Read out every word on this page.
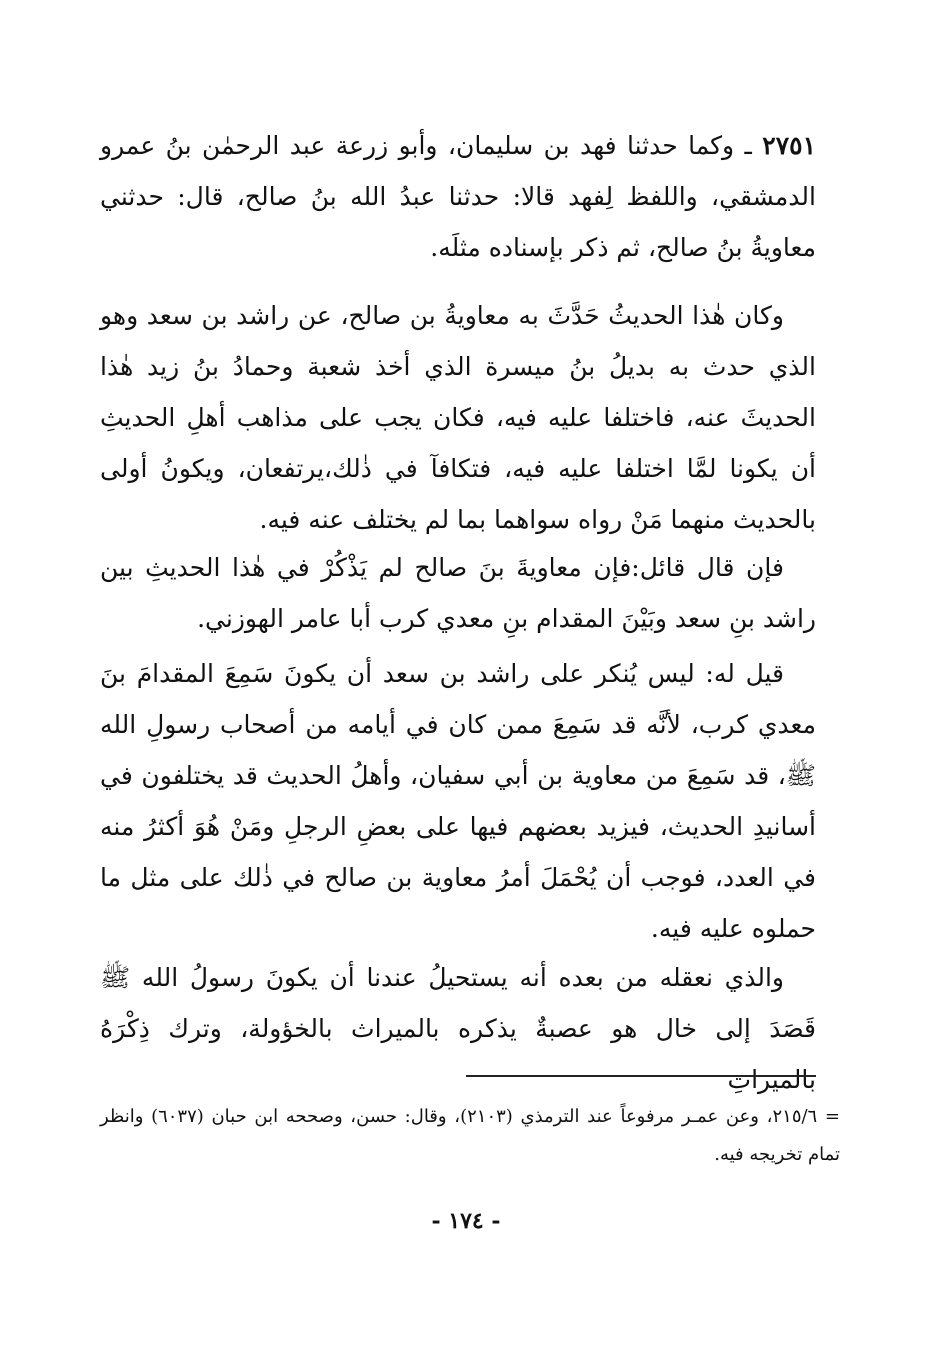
٢٧٥١ ـ وكما حدثنا فهد بن سليمان، وأبو زرعة عبد الرحمٰن بنُ عمرو الدمشقي، واللفظ لِفهد قالا: حدثنا عبدُ الله بنُ صالح، قال: حدثني معاويةُ بنُ صالح، ثم ذكر بإسناده مثلَه.

وكان هٰذا الحديثُ حَدَّثَ به معاويةُ بن صالح، عن راشد بن سعد وهو الذي حدث به بديلُ بنُ ميسرة الذي أخذ شعبة وحمادُ بنُ زيد هٰذا الحديثَ عنه، فاختلفا عليه فيه، فكان يجب على مذاهب أهلِ الحديثِ أن يكونا لمَّا اختلفا عليه فيه، فتكافآ في ذٰلك،يرتفعان، ويكونُ أولى بالحديث منهما مَنْ رواه سواهما بما لم يختلف عنه فيه.

فإن قال قائل:فإن معاويةَ بنَ صالح لم يَذْكُرْ في هٰذا الحديثِ بين راشد بنِ سعد وبَيْنَ المقدام بنِ معدي كرب أبا عامر الهوزني.

قيل له: ليس يُنكر على راشد بن سعد أن يكونَ سَمِعَ المقدامَ بنَ معدي كرب، لأنَّه قد سَمِعَ ممن كان في أيامه من أصحاب رسولِ الله ﷺ، قد سَمِعَ من معاوية بن أبي سفيان، وأهلُ الحديث قد يختلفون في أسانيدِ الحديث، فيزيد بعضهم فيها على بعضِ الرجلِ ومَنْ هُوَ أكثرُ منه في العدد، فوجب أن يُحْمَلَ أمرُ معاوية بن صالح في ذٰلك على مثل ما حملوه عليه فيه.

والذي نعقله من بعده أنه يستحيلُ عندنا أن يكونَ رسولُ الله ﷺ قَصَدَ إلى خال هو عصبةٌ يذكره بالميراث بالخؤولة، وترك ذِكْرَهُ بالميراثِ

= ٢١٥/٦، وعن عمـر مرفوعاً عند الترمذي (٢١٠٣)، وقال: حسن، وصححه ابن حبان (٦٠٣٧) وانظر تمام تخريجه فيه.

- ١٧٤ -
